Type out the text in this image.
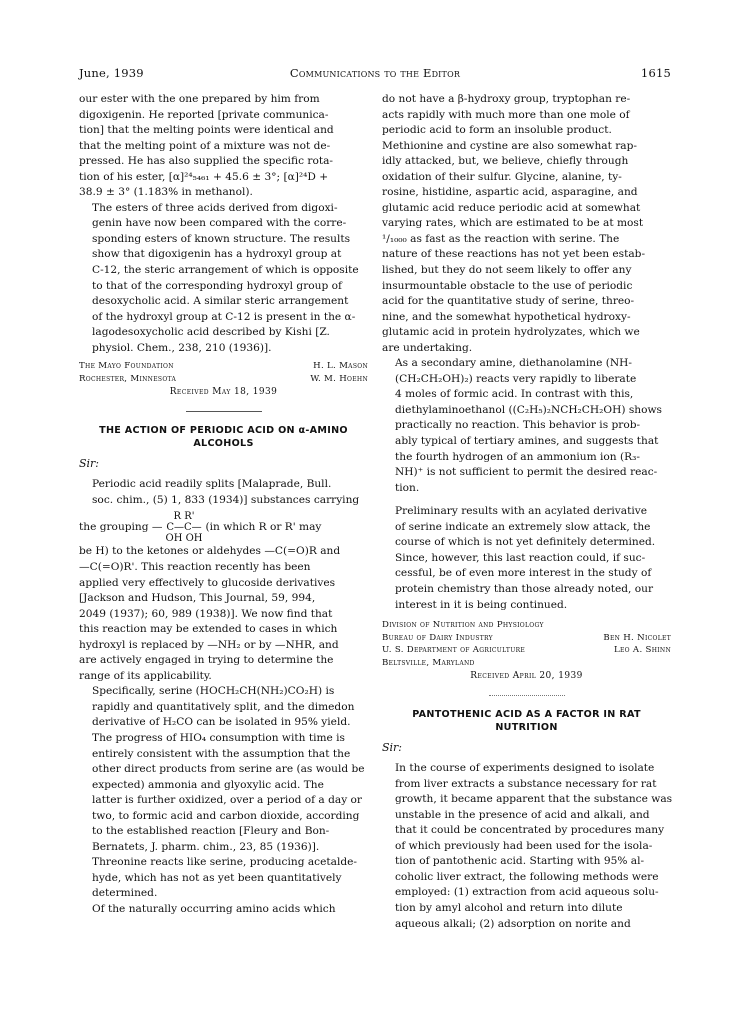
June, 1939	Communications to the Editor	1615

our ester with the one prepared by him from
digoxigenin. He reported [private communica-
tion] that the melting points were identical and
that the melting point of a mixture was not de-
pressed. He has also supplied the specific rota-
tion of his ester, [α]²⁴₅₄₆₁ + 45.6 ± 3°; [α]²⁴D +
38.9 ± 3° (1.183% in methanol).

The esters of three acids derived from digoxi-
genin have now been compared with the corre-
sponding esters of known structure. The results
show that digoxigenin has a hydroxyl group at
C-12, the steric arrangement of which is opposite
to that of the corresponding hydroxyl group of
desoxycholic acid. A similar steric arrangement
of the hydroxyl group at C-12 is present in the α-
lagodesoxycholic acid described by Kishi [Z.
physiol. Chem., 238, 210 (1936)].

The Mayo Foundation	H. L. Mason
Rochester, Minnesota	W. M. Hoehn
Received May 18, 1939
THE ACTION OF PERIODIC ACID ON α-AMINO
ALCOHOLS
Sir:

Periodic acid readily splits [Malaprade, Bull.
soc. chim., (5) 1, 833 (1934)] substances carrying

the grouping —
R R'
C—C—
OH OH
(in which R or R' may

be H) to the ketones or aldehydes —C(=O)R and
—C(=O)R'. This reaction recently has been
applied very effectively to glucoside derivatives
[Jackson and Hudson, This Journal, 59, 994,
2049 (1937); 60, 989 (1938)]. We now find that
this reaction may be extended to cases in which
hydroxyl is replaced by —NH₂ or by —NHR, and
are actively engaged in trying to determine the
range of its applicability.

Specifically, serine (HOCH₂CH(NH₂)CO₂H) is
rapidly and quantitatively split, and the dimedon
derivative of H₂CO can be isolated in 95% yield.
The progress of HIO₄ consumption with time is
entirely consistent with the assumption that the
other direct products from serine are (as would be
expected) ammonia and glyoxylic acid. The
latter is further oxidized, over a period of a day or
two, to formic acid and carbon dioxide, according
to the established reaction [Fleury and Bon-
Bernatets, J. pharm. chim., 23, 85 (1936)].
Threonine reacts like serine, producing acetalde-
hyde, which has not as yet been quantitatively
determined.

Of the naturally occurring amino acids which

do not have a β-hydroxy group, tryptophan re-
acts rapidly with much more than one mole of
periodic acid to form an insoluble product.
Methionine and cystine are also somewhat rap-
idly attacked, but, we believe, chiefly through
oxidation of their sulfur. Glycine, alanine, ty-
rosine, histidine, aspartic acid, asparagine, and
glutamic acid reduce periodic acid at somewhat
varying rates, which are estimated to be at most
¹/₁₀₀₀ as fast as the reaction with serine. The
nature of these reactions has not yet been estab-
lished, but they do not seem likely to offer any
insurmountable obstacle to the use of periodic
acid for the quantitative study of serine, threo-
nine, and the somewhat hypothetical hydroxy-
glutamic acid in protein hydrolyzates, which we
are undertaking.

As a secondary amine, diethanolamine (NH-
(CH₂CH₂OH)₂) reacts very rapidly to liberate
4 moles of formic acid. In contrast with this,
diethylaminoethanol ((C₂H₅)₂NCH₂CH₂OH) shows
practically no reaction. This behavior is prob-
ably typical of tertiary amines, and suggests that
the fourth hydrogen of an ammonium ion (R₃-
NH)⁺ is not sufficient to permit the desired reac-
tion.

Preliminary results with an acylated derivative
of serine indicate an extremely slow attack, the
course of which is not yet definitely determined.
Since, however, this last reaction could, if suc-
cessful, be of even more interest in the study of
protein chemistry than those already noted, our
interest in it is being continued.

Division of Nutrition and Physiology
Bureau of Dairy Industry	Ben H. Nicolet
U. S. Department of Agriculture	Leo A. Shinn
Beltsville, Maryland
Received April 20, 1939
PANTOTHENIC ACID AS A FACTOR IN RAT
NUTRITION
Sir:

In the course of experiments designed to isolate
from liver extracts a substance necessary for rat
growth, it became apparent that the substance was
unstable in the presence of acid and alkali, and
that it could be concentrated by procedures many
of which previously had been used for the isola-
tion of pantothenic acid. Starting with 95% al-
coholic liver extract, the following methods were
employed: (1) extraction from acid aqueous solu-
tion by amyl alcohol and return into dilute
aqueous alkali; (2) adsorption on norite and
